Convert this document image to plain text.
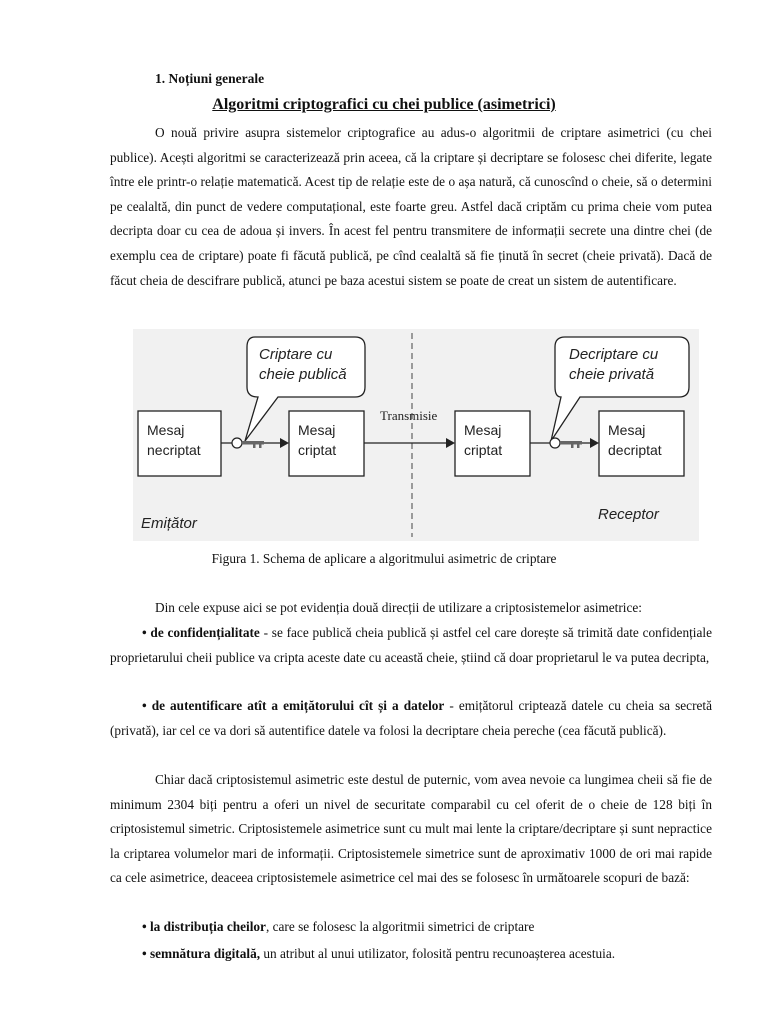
1. Noțiuni generale
Algoritmi criptografici cu chei publice (asimetrici)
O nouă privire asupra sistemelor criptografice au adus-o algoritmii de criptare asimetrici (cu chei publice). Acești algoritmi se caracterizează prin aceea, că la criptare și decriptare se folosesc chei diferite, legate între ele printr-o relație matematică. Acest tip de relație este de o așa natură, că cunoscînd o cheie, să o determini pe cealaltă, din punct de vedere computațional, este foarte greu. Astfel dacă criptăm cu prima cheie vom putea decripta doar cu cea de adoua și invers. În acest fel pentru transmitere de informații secrete una dintre chei (de exemplu cea de criptare) poate fi făcută publică, pe cînd cealaltă să fie ținută în secret (cheie privată). Dacă de făcut cheia de descifrare publică, atunci pe baza acestui sistem se poate de creat un sistem de autentificare.
Criptare cu
cheie publică
Decriptare cu
cheie privată
Mesaj
necriptat
Mesaj
criptat
Mesaj
criptat
Mesaj
decriptat
Transmisie
Emițător
Receptor
Figura 1. Schema de aplicare a algoritmului asimetric de criptare
Din cele expuse aici se pot evidenția două direcții de utilizare a criptosistemelor asimetrice:
• de confidențialitate - se face publică cheia publică și astfel cel care dorește să trimită date confidențiale proprietarului cheii publice va cripta aceste date cu această cheie, știind că doar proprietarul le va putea decripta,
• de autentificare atît a emițătorului cît și a datelor - emițătorul criptează datele cu cheia sa secretă (privată), iar cel ce va dori să autentifice datele va folosi la decriptare cheia pereche (cea făcută publică).
Chiar dacă criptosistemul asimetric este destul de puternic, vom avea nevoie ca lungimea cheii să fie de minimum 2304 biți pentru a oferi un nivel de securitate comparabil cu cel oferit de o cheie de 128 biți în criptosistemul simetric. Criptosistemele asimetrice sunt cu mult mai lente la criptare/decriptare și sunt nepractice la criptarea volumelor mari de informații. Criptosistemele simetrice sunt de aproximativ 1000 de ori mai rapide ca cele asimetrice, deaceea criptosistemele asimetrice cel mai des se folosesc în următoarele scopuri de bază:
• la distribuția cheilor, care se folosesc la algoritmii simetrici de criptare
• semnătura digitală, un atribut al unui utilizator, folosită pentru recunoașterea acestuia.
